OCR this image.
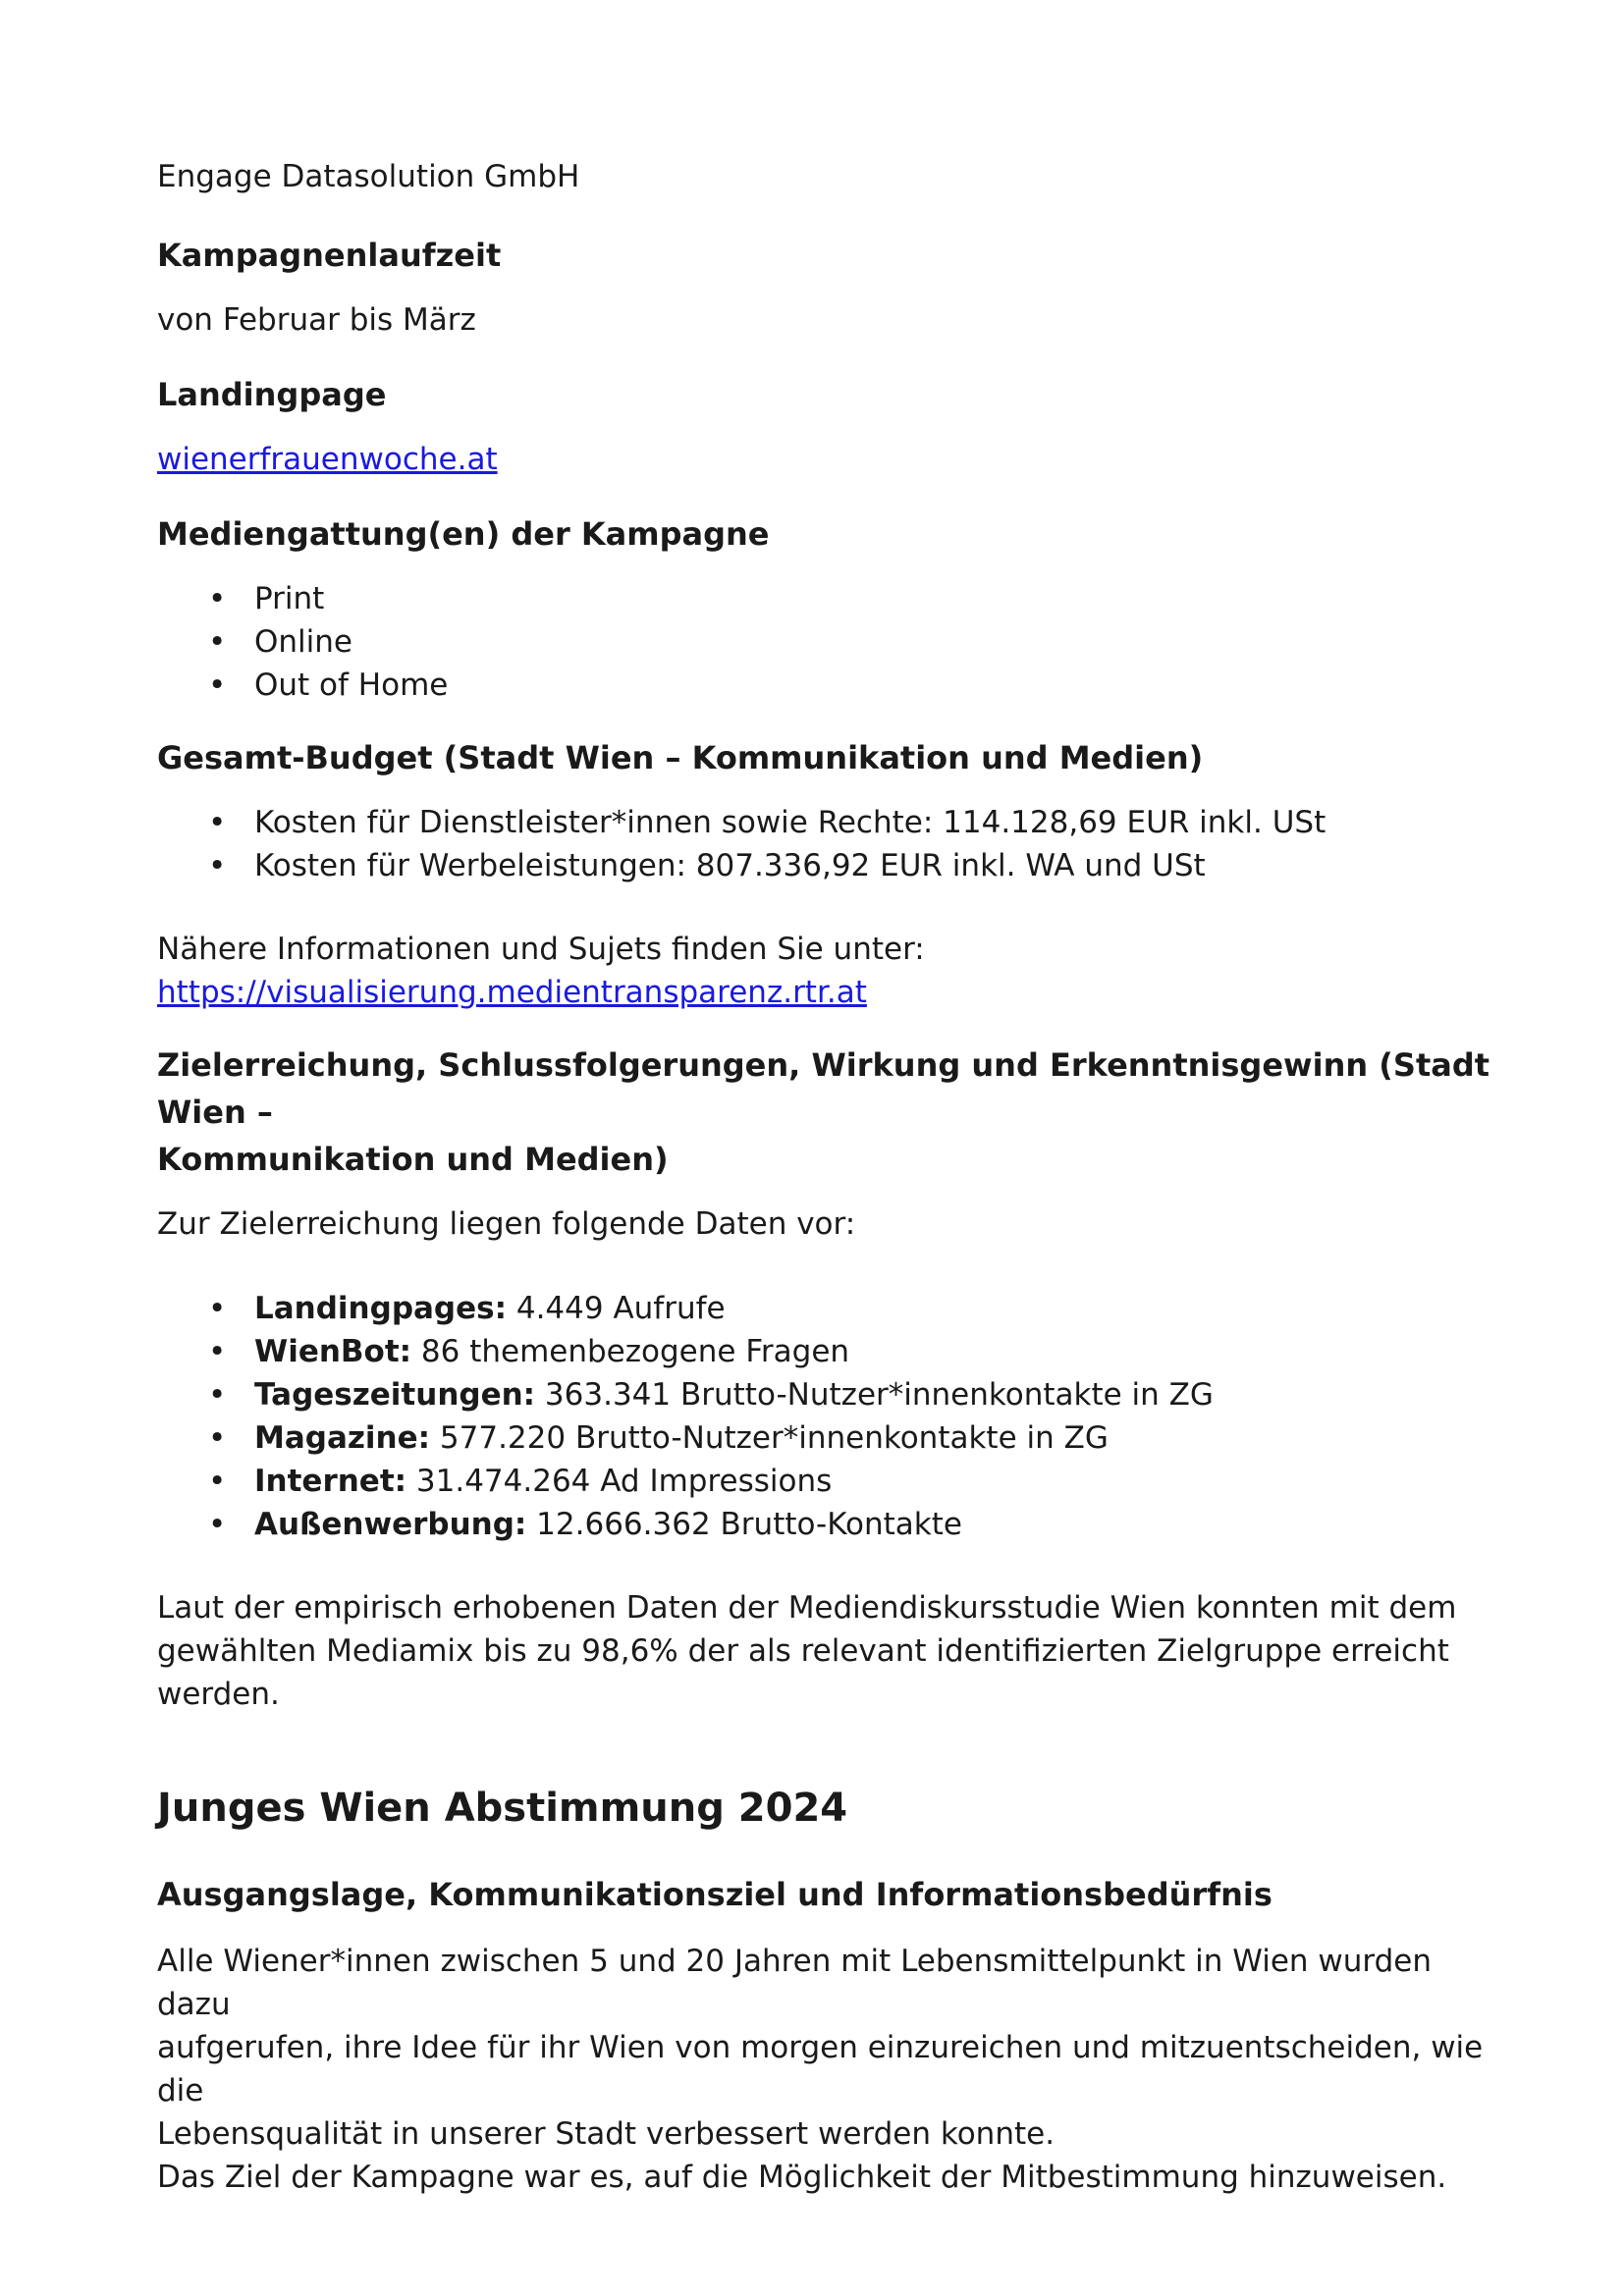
Engage Datasolution GmbH

Kampagnenlaufzeit

von Februar bis März

Landingpage

wienerfrauenwoche.at

Mediengattung(en) der Kampagne
• Print
• Online
• Out of Home
Gesamt-Budget (Stadt Wien – Kommunikation und Medien)
• Kosten für Dienstleister*innen sowie Rechte: 114.128,69 EUR inkl. USt
• Kosten für Werbeleistungen: 807.336,92 EUR inkl. WA und USt

Nähere Informationen und Sujets finden Sie unter:

https://visualisierung.medientransparenz.rtr.at

Zielerreichung, Schlussfolgerungen, Wirkung und Erkenntnisgewinn (Stadt Wien –
Kommunikation und Medien)

Zur Zielerreichung liegen folgende Daten vor:

• Landingpages: 4.449 Aufrufe
• WienBot: 86 themenbezogene Fragen
• Tageszeitungen: 363.341 Brutto-Nutzer*innenkontakte in ZG
• Magazine: 577.220 Brutto-Nutzer*innenkontakte in ZG
• Internet: 31.474.264 Ad Impressions
• Außenwerbung: 12.666.362 Brutto-Kontakte

Laut der empirisch erhobenen Daten der Mediendiskursstudie Wien konnten mit dem
gewählten Mediamix bis zu 98,6% der als relevant identifizierten Zielgruppe erreicht werden.

Junges Wien Abstimmung 2024
Ausgangslage, Kommunikationsziel und Informationsbedürfnis

Alle Wiener*innen zwischen 5 und 20 Jahren mit Lebensmittelpunkt in Wien wurden dazu
aufgerufen, ihre Idee für ihr Wien von morgen einzureichen und mitzuentscheiden, wie die
Lebensqualität in unserer Stadt verbessert werden konnte.
Das Ziel der Kampagne war es, auf die Möglichkeit der Mitbestimmung hinzuweisen.
